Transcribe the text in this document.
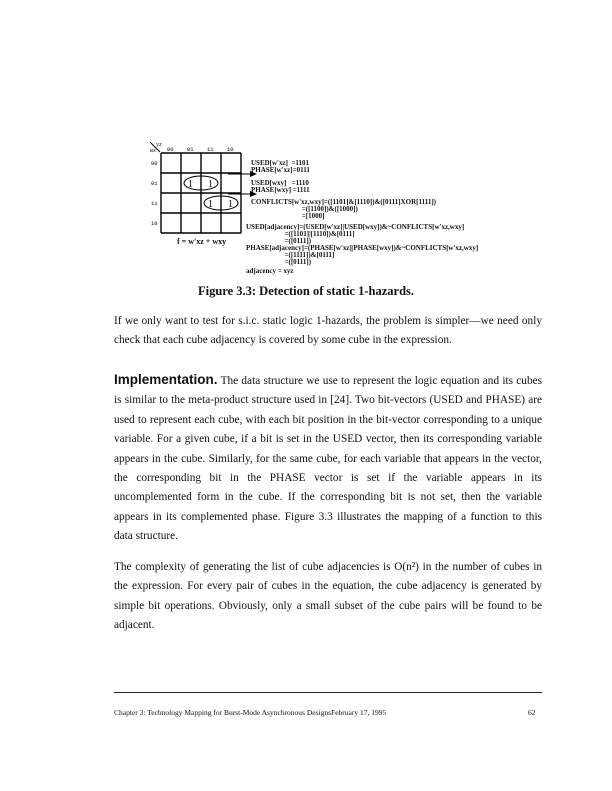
yz
wx 00 01 11 10
00
01
11
10
1 1
1 1
f = w'xz + wxy
USED[w'xz]  =1101
PHASE[w'xz]=0111
USED[wxy]   =1110
PHASE[wxy] =1111
CONFLICTS[w'xz,wxy]=([1101]&[1110])&([0111]XOR[1111])
=([1100])&([1000])
=[1000]
USED[adjacency]=(USED[w'xz]|USED[wxy])&~CONFLICTS[w'xz,wxy]
=([1101]|[1110])&[0111]
=([0111])
PHASE[adjacency]=(PHASE[w'xz]|PHASE[wxy])&~CONFLICTS[w'xz,wxy]
=([1111])&[0111]
=([0111])
adjacency = xyz
Figure 3.3: Detection of static 1-hazards.
If we only want to test for s.i.c. static logic 1-hazards, the problem is simpler—we need only check that each cube adjacency is covered by some cube in the expression.
Implementation. The data structure we use to represent the logic equation and its cubes is similar to the meta-product structure used in [24]. Two bit-vectors (USED and PHASE) are used to represent each cube, with each bit position in the bit-vector corresponding to a unique variable. For a given cube, if a bit is set in the USED vector, then its corresponding variable appears in the cube. Similarly, for the same cube, for each variable that appears in the vector, the corresponding bit in the PHASE vector is set if the variable appears in its uncomplemented form in the cube. If the corresponding bit is not set, then the variable appears in its complemented phase. Figure 3.3 illustrates the mapping of a function to this data structure.
The complexity of generating the list of cube adjacencies is O(n²) in the number of cubes in the expression. For every pair of cubes in the equation, the cube adjacency is generated by simple bit operations. Obviously, only a small subset of the cube pairs will be found to be adjacent.
Chapter 3: Technology Mapping for Burst-Mode Asynchronous DesignsFebruary 17, 1995	62
